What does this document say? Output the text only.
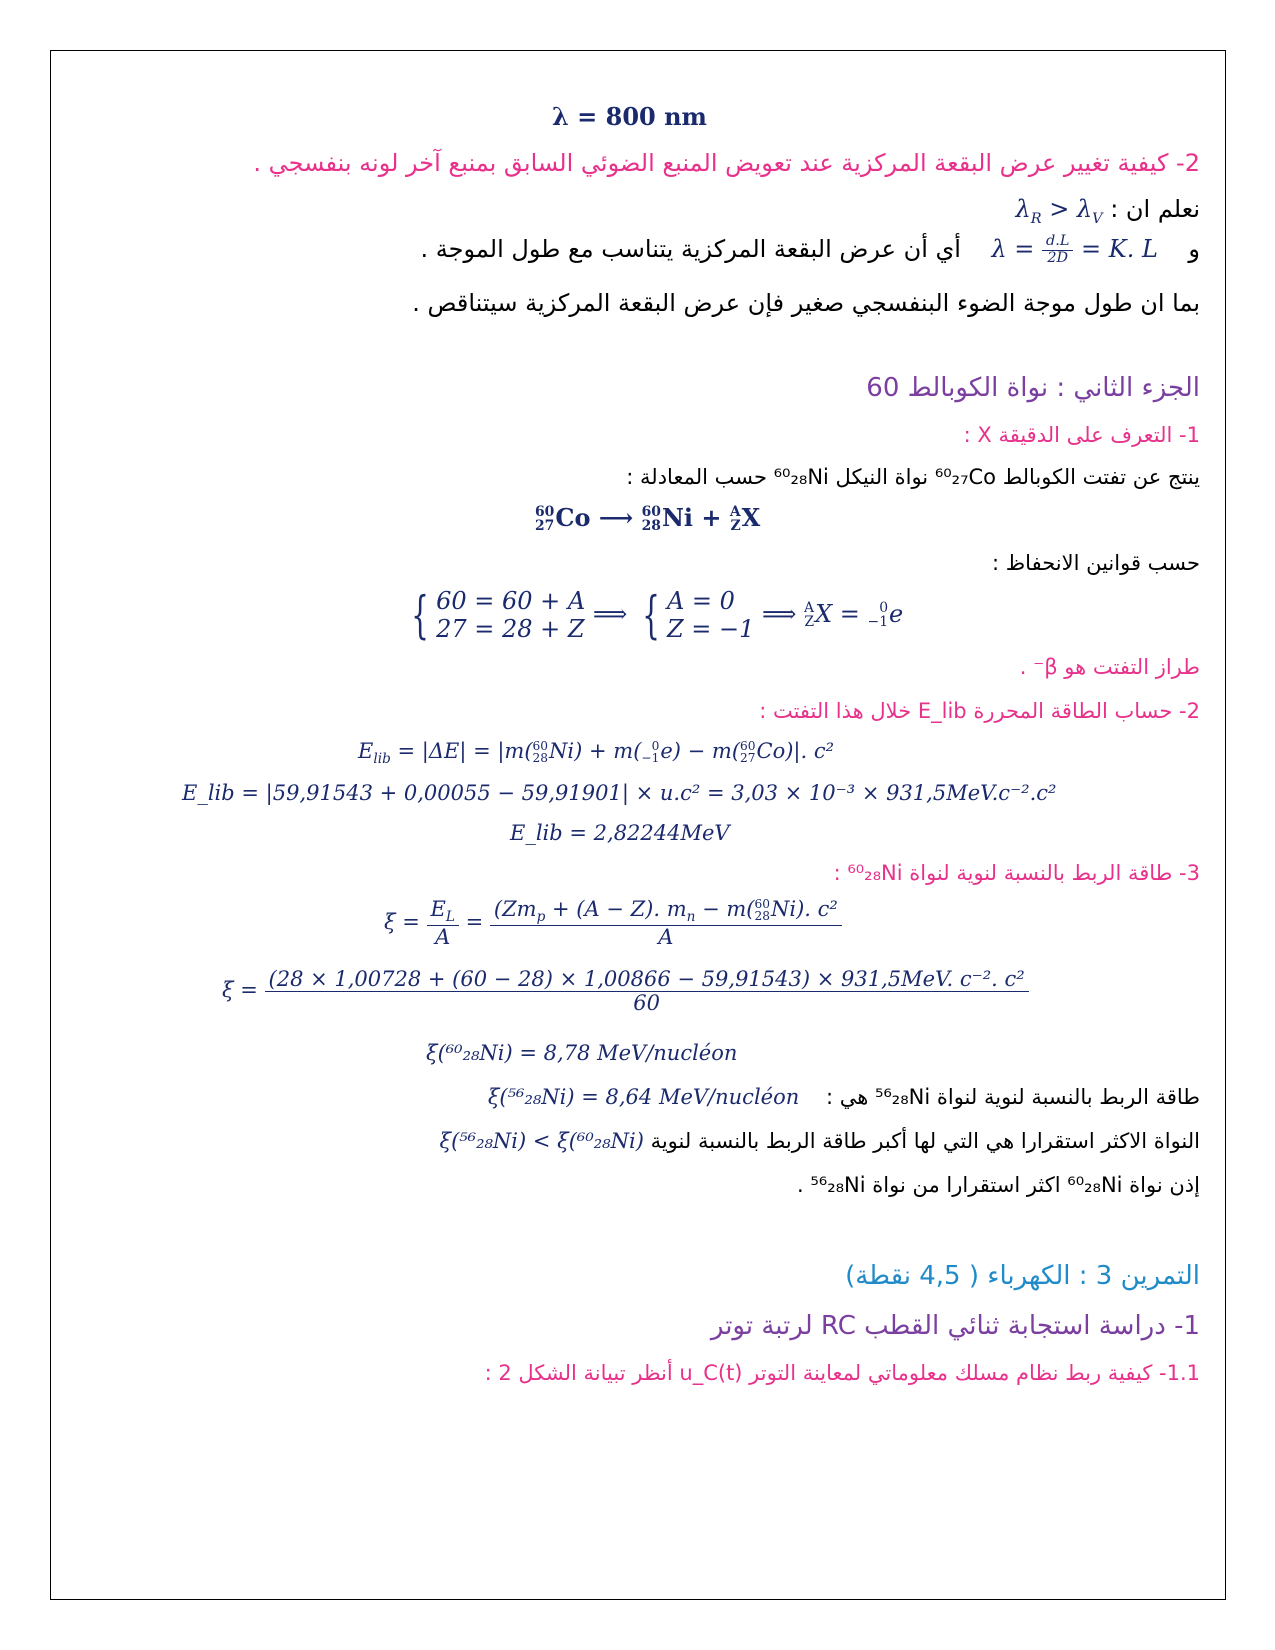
λ = 800 nm
2- كيفية تغيير عرض البقعة المركزية عند تعويض المنبع الضوئي السابق بمنبع آخر لونه بنفسجي .
نعلم ان : $\lambda_R > \lambda_V$
و    $\lambda = \frac{d.L}{2D} = K$. L    أي أن عرض البقعة المركزية يتناسب مع طول الموجة .
بما ان طول موجة الضوء البنفسجي صغير فإن عرض البقعة المركزية سيتناقص .
الجزء الثاني : نواة الكوبالط 60
1- التعرف على الدقيقة X :
ينتج عن تفتت الكوبالط ⁶⁰₂₇Co نواة النيكل ⁶⁰₂₈Ni حسب المعادلة :
60
27 Co ⟶ 60
28 Ni + A
Z X
حسب قوانين الانحفاظ :
{ 60 = 60 + A
27 = 28 + Z
⟹ { A = 0
Z = −1
⟹ A
Z X = 0
−1 e
طراز التفتت هو β⁻ .
2- حساب الطاقة المحررة E_lib خلال هذا التفتت :
$E_{lib} = |\Delta E| = |m$( 60
28 Ni) + m( 0
−1 e) − m( 60
27 Co)|. c²
E_lib = |59,91543 + 0,00055 − 59,91901| × u.c² = 3,03 × 10⁻³ × 931,5MeV.c⁻².c²
E_lib = 2,82244MeV
3- طاقة الربط بالنسبة لنوية لنواة ⁶⁰₂₈Ni :
$\xi = \frac{E_L}{A} = (Zm_p + (A - Z)$. $m_n - m$( 60
28 Ni). c²
A
ξ = (28 × 1,00728 + (60 − 28) × 1,00866 − 59,91543) × 931,5MeV. c⁻². c²
60
ξ(⁶⁰₂₈Ni) = 8,78 MeV/nucléon
طاقة الربط بالنسبة لنوية لنواة ⁵⁶₂₈Ni هي :    ξ(⁵⁶₂₈Ni) = 8,64 MeV/nucléon
النواة الاكثر استقرارا هي التي لها أكبر طاقة الربط بالنسبة لنوية ξ(⁵⁶₂₈Ni) < ξ(⁶⁰₂₈Ni)
إذن نواة ⁶⁰₂₈Ni اكثر استقرارا من نواة ⁵⁶₂₈Ni .
التمرين 3 : الكهرباء ( 4,5 نقطة)
1- دراسة استجابة ثنائي القطب RC لرتبة توتر
1.1- كيفية ربط نظام مسلك معلوماتي لمعاينة التوتر u_C(t) أنظر تبيانة الشكل 2 :
